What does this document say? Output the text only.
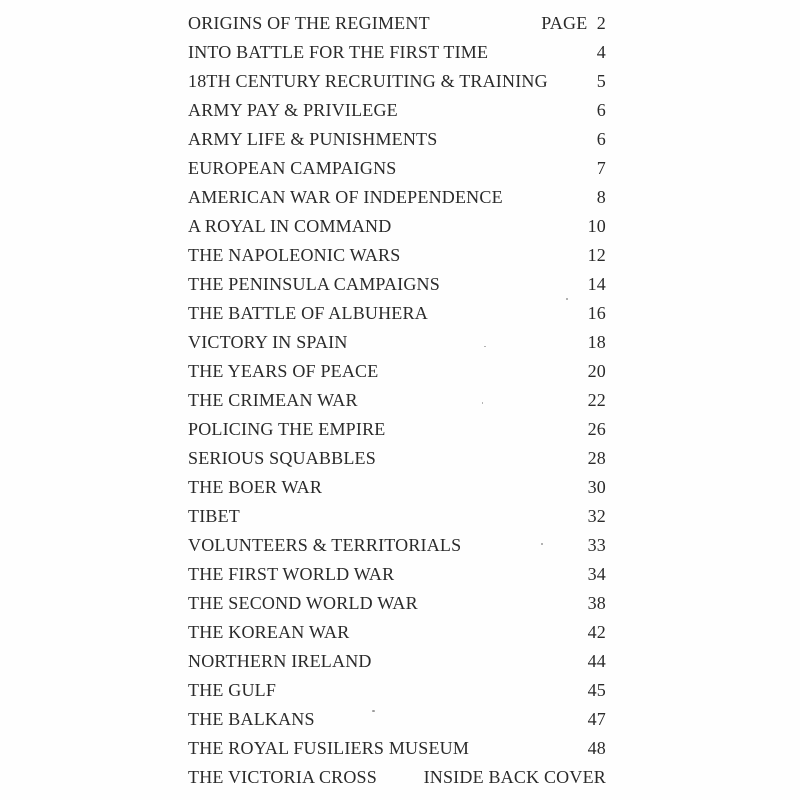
ORIGINS OF THE REGIMENT	PAGE  2
INTO BATTLE FOR THE FIRST TIME	4
18TH CENTURY RECRUITING & TRAINING	5
ARMY PAY & PRIVILEGE	6
ARMY LIFE & PUNISHMENTS	6
EUROPEAN CAMPAIGNS	7
AMERICAN WAR OF INDEPENDENCE	8
A ROYAL IN COMMAND	10
THE NAPOLEONIC WARS	12
THE PENINSULA CAMPAIGNS	14
THE BATTLE OF ALBUHERA	16
VICTORY IN SPAIN	18
THE YEARS OF PEACE	20
THE CRIMEAN WAR	22
POLICING THE EMPIRE	26
SERIOUS SQUABBLES	28
THE BOER WAR	30
TIBET	32
VOLUNTEERS & TERRITORIALS	33
THE FIRST WORLD WAR	34
THE SECOND WORLD WAR	38
THE KOREAN WAR	42
NORTHERN IRELAND	44
THE GULF	45
THE BALKANS	47
THE ROYAL FUSILIERS MUSEUM	48
THE VICTORIA CROSS	INSIDE BACK COVER
